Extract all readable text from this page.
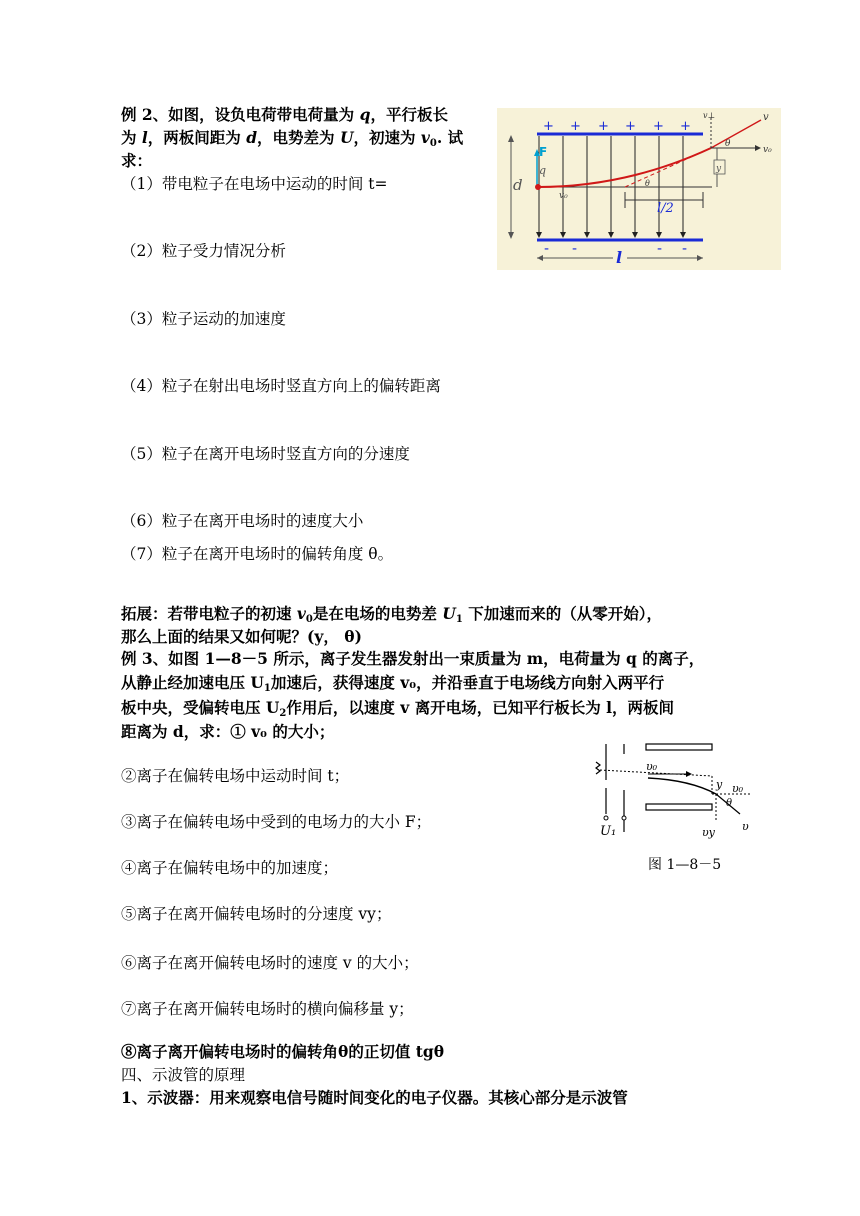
例 2、如图，设负电荷带电荷量为 q，平行板长
为 l，两板间距为 d，电势差为 U，初速为 $v_0$. 试
求：
（1）带电粒子在电场中运动的时间 t=
（2）粒子受力情况分析
（3）粒子运动的加速度
（4）粒子在射出电场时竖直方向上的偏转距离
（5）粒子在离开电场时竖直方向的分速度
（6）粒子在离开电场时的速度大小
（7）粒子在离开电场时的偏转角度 θ。
+ + + + + +
- -	- -
d
F
q
v₀
v₀
v⊥	v
θ
θ
y
l/2
l
拓展：若带电粒子的初速 $v_0$是在电场的电势差 $U_1$ 下加速而来的（从零开始），
那么上面的结果又如何呢？(y， θ)
例 3、如图 1—8－5 所示，离子发生器发射出一束质量为 m，电荷量为 q 的离子，
从静止经加速电压 $U_1$加速后，获得速度 v₀，并沿垂直于电场线方向射入两平行
板中央，受偏转电压 $U_2$作用后，以速度 v 离开电场，已知平行板长为 l，两板间
距离为 d，求：① v₀ 的大小；
②离子在偏转电场中运动时间 t；
③离子在偏转电场中受到的电场力的大小 F；
④离子在偏转电场中的加速度；
⑤离子在离开偏转电场时的分速度 vy；
⑥离子在离开偏转电场时的速度 v 的大小；
⑦离子在离开偏转电场时的横向偏移量 y；
⑧离子离开偏转电场时的偏转角θ的正切值 tgθ
υ₀
y υ₀
θ
υy υ
U₁
图 1—8－5
四、示波管的原理
1、示波器：用来观察电信号随时间变化的电子仪器。其核心部分是示波管
